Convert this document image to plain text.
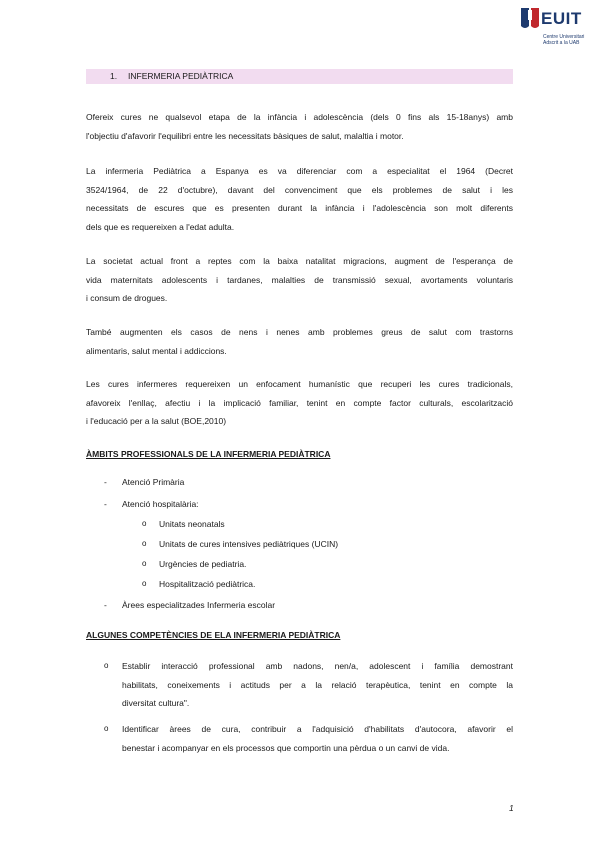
EUIT
Centre Universitari
Adscrit a la UAB
1. INFERMERIA PEDIÀTRICA
Ofereix cures ne qualsevol etapa de la infància i adolescència (dels 0 fins als 15-18anys) amb
l'objectiu d'afavorir l'equilibri entre les necessitats bàsiques de salut, malaltia i motor.
La infermeria Pediàtrica a Espanya es va diferenciar com a especialitat el 1964 (Decret
3524/1964, de 22 d'octubre), davant del convenciment que els problemes de salut i les
necessitats de escures que es presenten durant la infància i l'adolescència son molt diferents
dels que es requereixen a l'edat adulta.
La societat actual front a reptes com la baixa natalitat migracions, augment de l'esperança de
vida maternitats adolescents i tardanes, malalties de transmissió sexual, avortaments voluntaris
i consum de drogues.
També augmenten els casos de nens i nenes amb problemes greus de salut com trastorns
alimentaris, salut mental i addiccions.
Les cures infermeres requereixen un enfocament humanístic que recuperi les cures tradicionals,
afavoreix l'enllaç, afectiu i la implicació familiar, tenint en compte factor culturals, escolarització
i l'educació per a la salut (BOE,2010)
ÀMBITS PROFESSIONALS DE LA INFERMERIA PEDIÀTRICA
- Atenció Primària
- Atenció hospitalària:
o Unitats neonatals
o Unitats de cures intensives pediàtriques (UCIN)
o Urgències de pediatria.
o Hospitalització pediàtrica.
- Àrees especialitzades Infermeria escolar
ALGUNES COMPETÈNCIES DE ELA INFERMERIA PEDIÀTRICA
o Establir interacció professional amb nadons, nen/a, adolescent i família demostrant
habilitats, coneixements i actituds per a la relació terapèutica, tenint en compte la
diversitat cultura".
o Identificar àrees de cura, contribuir a l'adquisició d'habilitats d'autocora, afavorir el
benestar i acompanyar en els processos que comportin una pèrdua o un canvi de vida.
1
